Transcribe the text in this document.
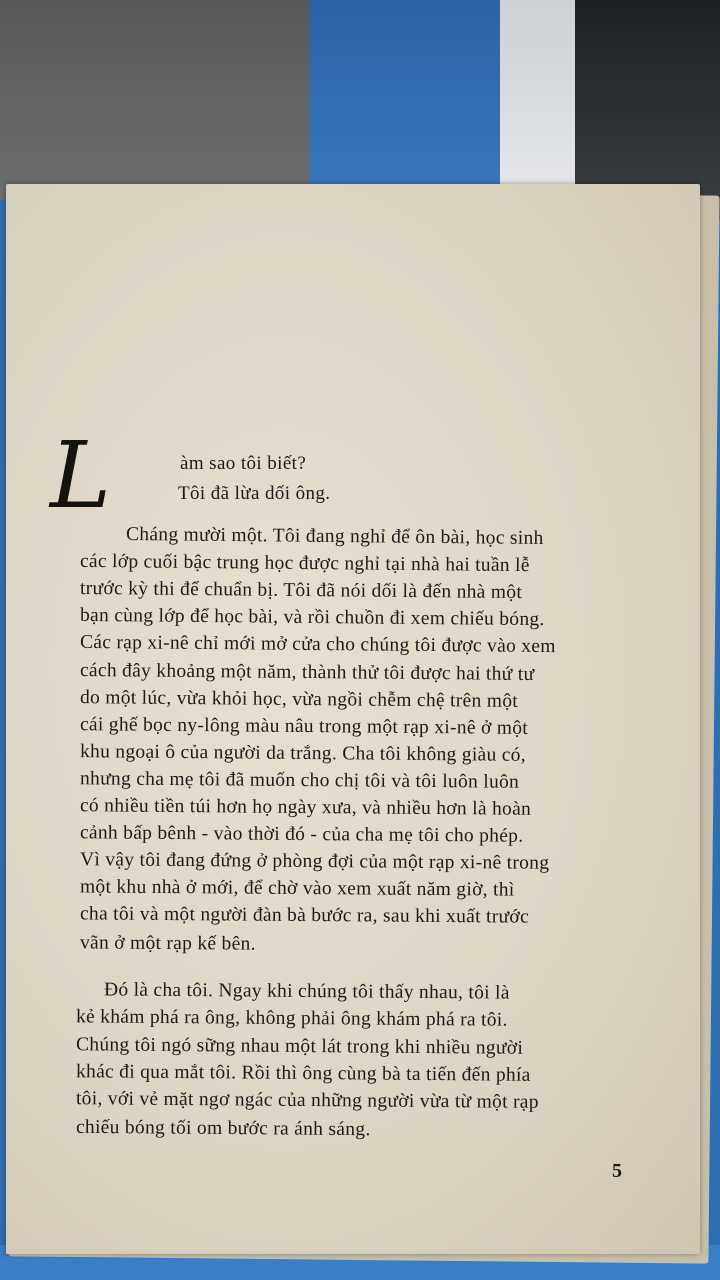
L	àm sao tôi biết?
Tôi đã lừa dối ông.
Cháng mười một. Tôi đang nghỉ để ôn bài, học sinh
các lớp cuối bậc trung học được nghỉ tại nhà hai tuần lễ
trước kỳ thi để chuẩn bị. Tôi đã nói dối là đến nhà một
bạn cùng lớp để học bài, và rồi chuồn đi xem chiếu bóng.
Các rạp xi-nê chỉ mới mở cửa cho chúng tôi được vào xem
cách đây khoảng một năm, thành thử tôi được hai thứ tư
do một lúc, vừa khỏi học, vừa ngồi chễm chệ trên một
cái ghế bọc ny-lông màu nâu trong một rạp xi-nê ở một
khu ngoại ô của người da trắng. Cha tôi không giàu có,
nhưng cha mẹ tôi đã muốn cho chị tôi và tôi luôn luôn
có nhiều tiền túi hơn họ ngày xưa, và nhiều hơn là hoàn
cảnh bấp bênh - vào thời đó - của cha mẹ tôi cho phép.
Vì vậy tôi đang đứng ở phòng đợi của một rạp xi-nê trong
một khu nhà ở mới, để chờ vào xem xuất năm giờ, thì
cha tôi và một người đàn bà bước ra, sau khi xuất trước
vãn ở một rạp kế bên.
Đó là cha tôi. Ngay khi chúng tôi thấy nhau, tôi là
kẻ khám phá ra ông, không phải ông khám phá ra tôi.
Chúng tôi ngó sững nhau một lát trong khi nhiều người
khác đi qua mắt tôi. Rồi thì ông cùng bà ta tiến đến phía
tôi, với vẻ mặt ngơ ngác của những người vừa từ một rạp
chiếu bóng tối om bước ra ánh sáng.
5
